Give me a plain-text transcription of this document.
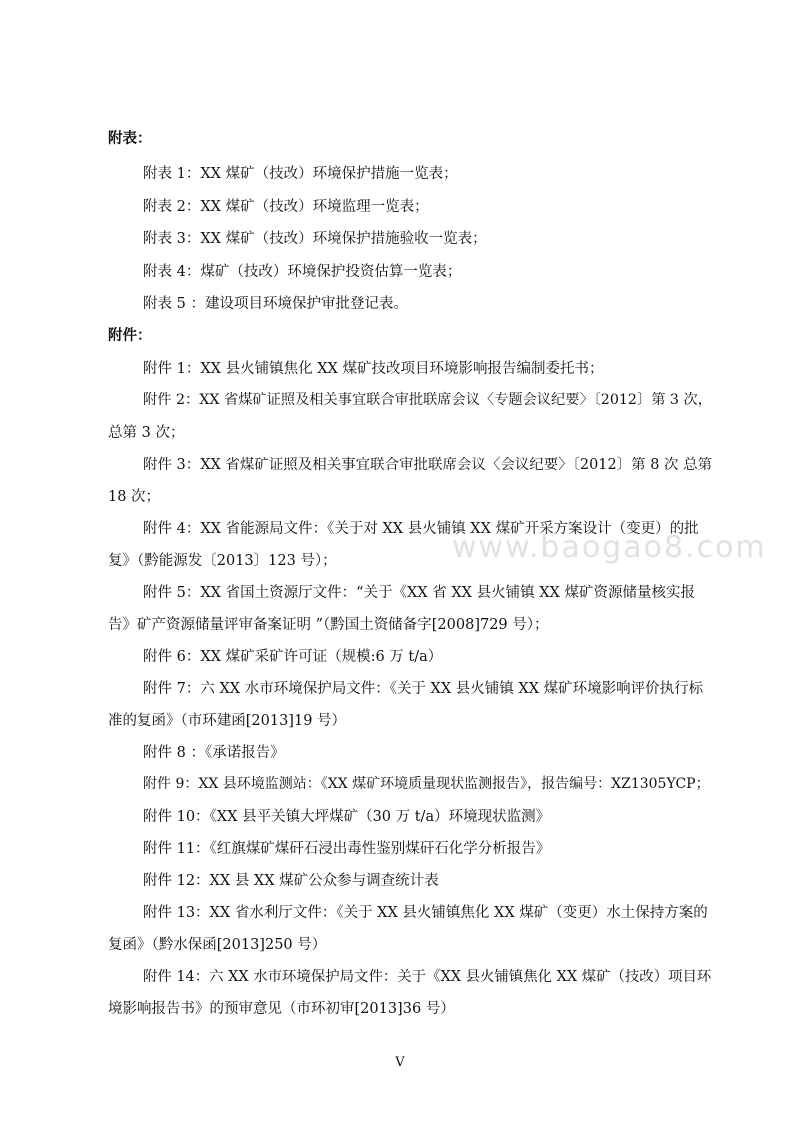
www.baogao8.com
附表：
附表 1：XX 煤矿（技改）环境保护措施一览表；
附表 2：XX 煤矿（技改）环境监理一览表；
附表 3：XX 煤矿（技改）环境保护措施验收一览表；
附表 4：煤矿（技改）环境保护投资估算一览表；
附表 5 ：建设项目环境保护审批登记表。
附件：
附件 1：XX 县火铺镇焦化 XX 煤矿技改项目环境影响报告编制委托书；
附件 2：XX 省煤矿证照及相关事宜联合审批联席会议〈专题会议纪要〉〔2012〕第 3 次，
总第 3 次；
附件 3：XX 省煤矿证照及相关事宜联合审批联席会议〈会议纪要〉〔2012〕第 8 次 总第
18 次；
附件 4：XX 省能源局文件：《关于对 XX 县火铺镇 XX 煤矿开采方案设计（变更）的批
复》（黔能源发〔2013〕123 号）；
附件 5：XX 省国土资源厅文件：“关于《XX 省 XX 县火铺镇 XX 煤矿资源储量核实报
告》矿产资源储量评审备案证明 ”（黔国土资储备字[2008]729 号）；
附件 6：XX 煤矿采矿许可证（规模:6 万 t/a）
附件 7：六 XX 水市环境保护局文件：《关于 XX 县火铺镇 XX 煤矿环境影响评价执行标
准的复函》（市环建函[2013]19 号）
附件 8 ：《承诺报告》
附件 9：XX 县环境监测站：《XX 煤矿环境质量现状监测报告》，报告编号：XZ1305YCP；
附件 10：《XX 县平关镇大坪煤矿（30 万 t/a）环境现状监测》
附件 11：《红旗煤矿煤矸石浸出毒性鉴别煤矸石化学分析报告》
附件 12：XX 县 XX 煤矿公众参与调查统计表
附件 13：XX 省水利厅文件：《关于 XX 县火铺镇焦化 XX 煤矿（变更）水土保持方案的
复函》（黔水保函[2013]250 号）
附件 14：六 XX 水市环境保护局文件：关于《XX 县火铺镇焦化 XX 煤矿（技改）项目环
境影响报告书》的预审意见（市环初审[2013]36 号）
V
